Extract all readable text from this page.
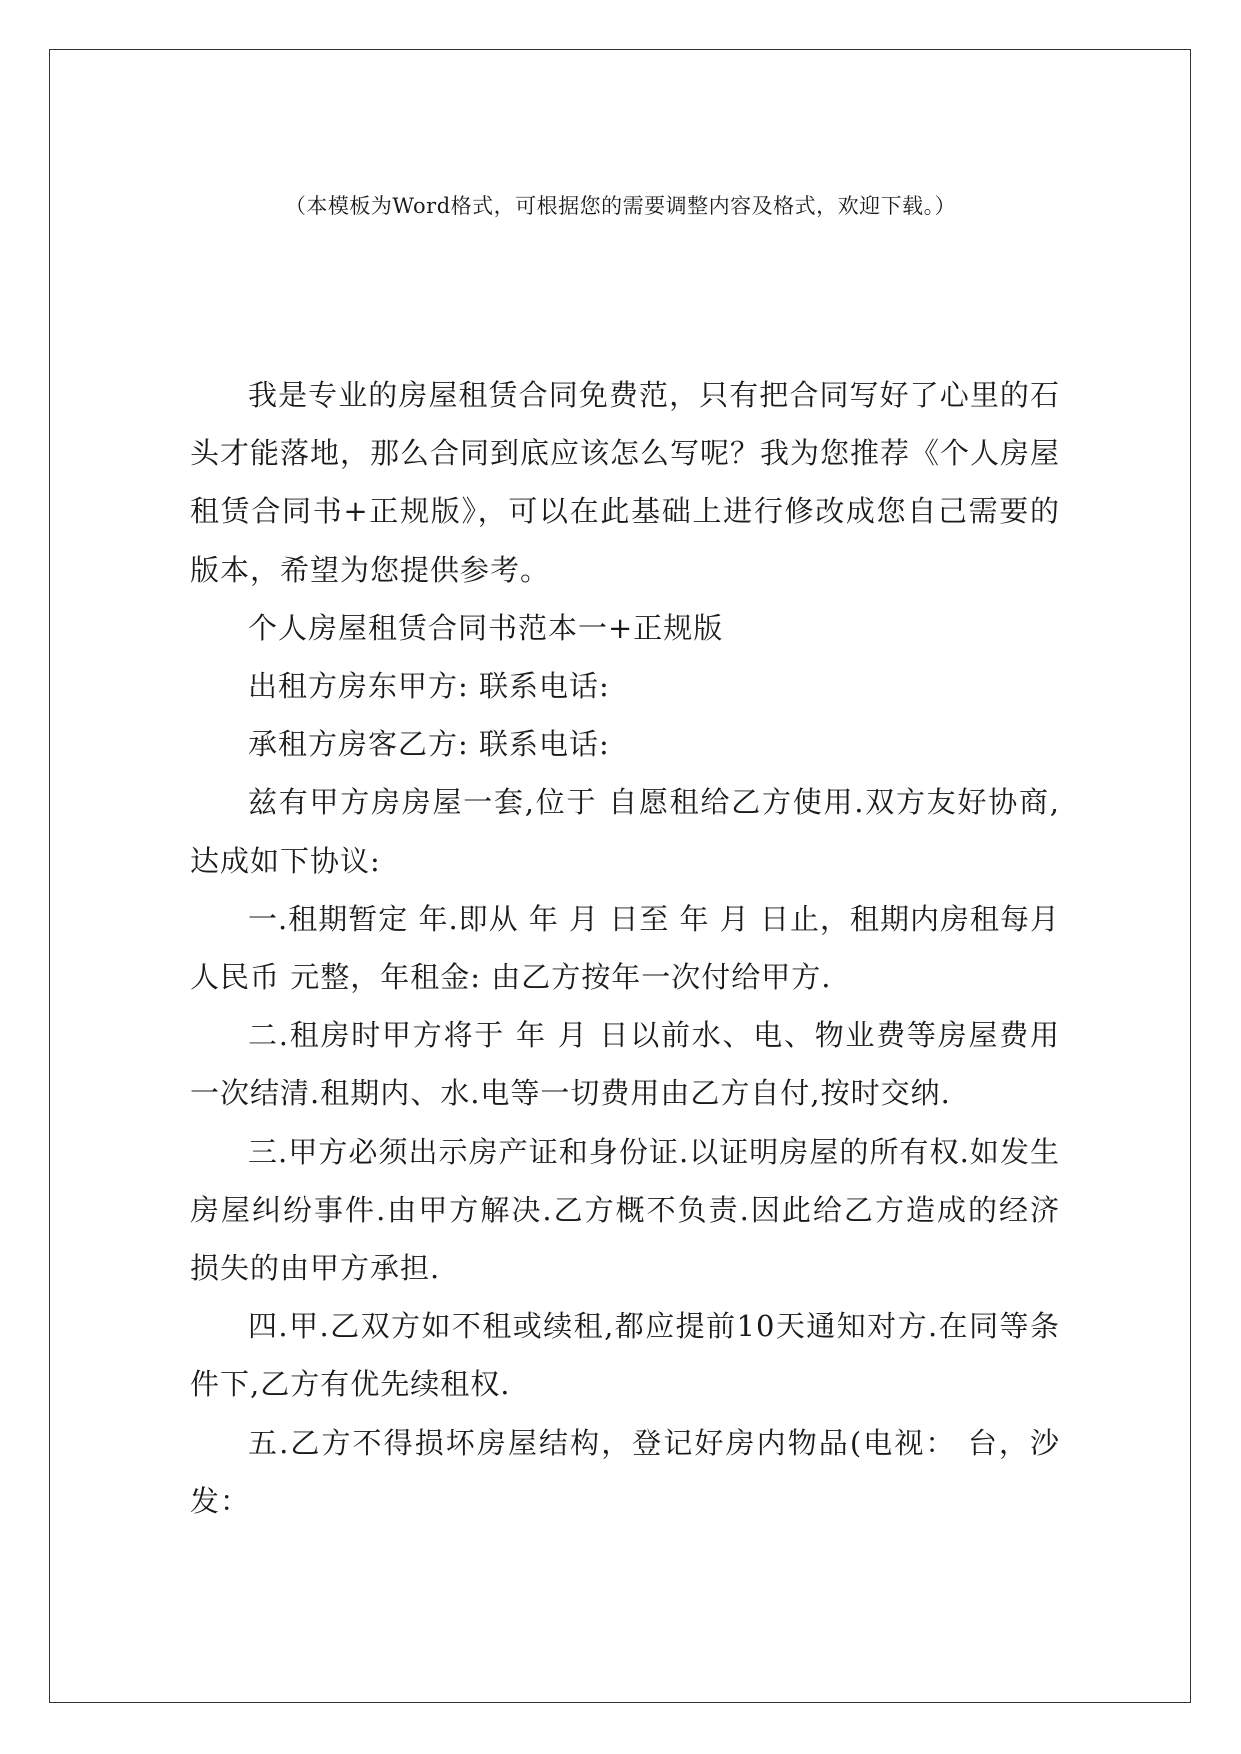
（本模板为Word格式，可根据您的需要调整内容及格式，欢迎下载。）

我是专业的房屋租赁合同免费范，只有把合同写好了心里的石头才能落地，那么合同到底应该怎么写呢？我为您推荐《个人房屋租赁合同书+正规版》，可以在此基础上进行修改成您自己需要的版本，希望为您提供参考。

个人房屋租赁合同书范本一+正规版

出租方房东甲方: 联系电话:

承租方房客乙方: 联系电话:

兹有甲方房房屋一套,位于 自愿租给乙方使用.双方友好协商,达成如下协议:

一.租期暂定 年.即从 年 月 日至 年 月 日止，租期内房租每月人民币 元整，年租金: 由乙方按年一次付给甲方.

二.租房时甲方将于 年 月 日以前水、电、物业费等房屋费用一次结清.租期内、水.电等一切费用由乙方自付,按时交纳.

三.甲方必须出示房产证和身份证.以证明房屋的所有权.如发生房屋纠纷事件.由甲方解决.乙方概不负责.因此给乙方造成的经济损失的由甲方承担.

四.甲.乙双方如不租或续租,都应提前10天通知对方.在同等条件下,乙方有优先续租权.

五.乙方不得损坏房屋结构，登记好房内物品(电视： 台，沙发：
